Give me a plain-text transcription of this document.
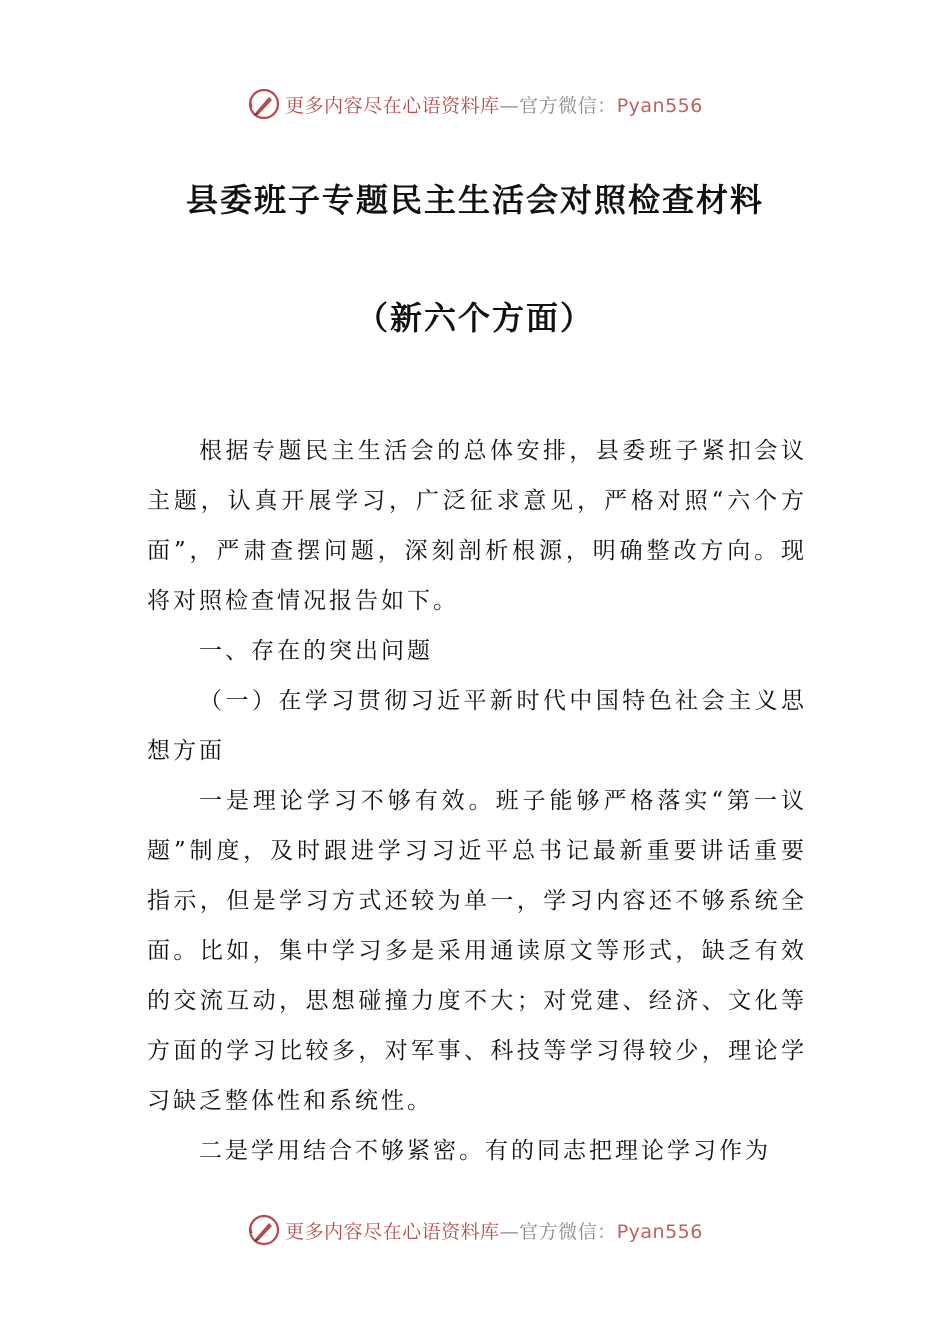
更多内容尽在心语资料库—官方微信：Pyan556
县委班子专题民主生活会对照检查材料
（新六个方面）

根据专题民主生活会的总体安排，县委班子紧扣会议主题，认真开展学习，广泛征求意见，严格对照“六个方面”，严肃查摆问题，深刻剖析根源，明确整改方向。现将对照检查情况报告如下。

一、存在的突出问题

（一）在学习贯彻习近平新时代中国特色社会主义思想方面

一是理论学习不够有效。班子能够严格落实“第一议题”制度，及时跟进学习习近平总书记最新重要讲话重要指示，但是学习方式还较为单一，学习内容还不够系统全面。比如，集中学习多是采用通读原文等形式，缺乏有效的交流互动，思想碰撞力度不大；对党建、经济、文化等方面的学习比较多，对军事、科技等学习得较少，理论学习缺乏整体性和系统性。

二是学用结合不够紧密。有的同志把理论学习作为

更多内容尽在心语资料库—官方微信：Pyan556
